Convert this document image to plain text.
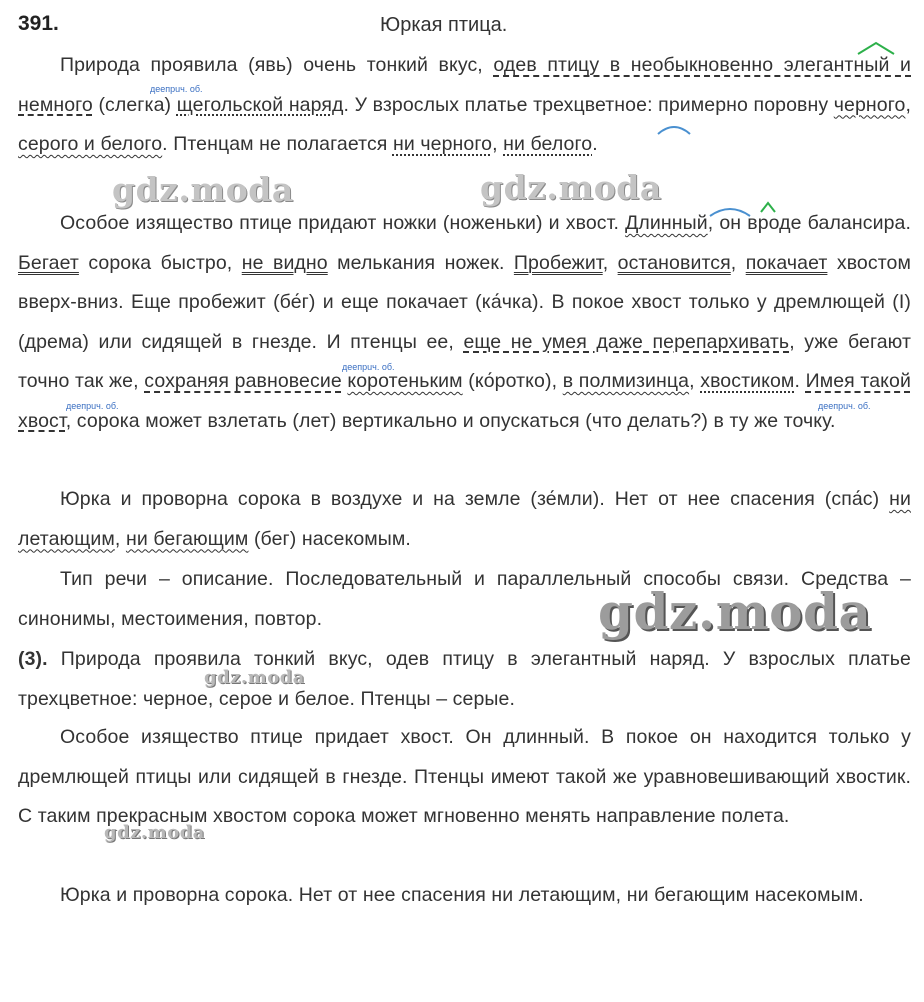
391.	Юркая птица.

Природа проявила (явь) очень тонкий вкус, одев птицу в необыкновенно элегантный и немного (слегка) щегольской наряд. У взрослых платье трехцветное: примерно поровну черного, серого и белого. Птенцам не полагается ни черного, ни белого.

Особое изящество птице придают ножки (ноженьки) и хвост. Длинный, он вроде балансира. Бегает сорока быстро, не видно мелькания ножек. Пробежит, остановится, покачает хвостом вверх-вниз. Еще пробежит (бе́г) и еще покачает (ка́чка). В покое хвост только у дремлющей (I) (дрема) или сидящей в гнезде. И птенцы ее, еще не умея даже перепархивать, уже бегают точно так же, сохраняя равновесие коротеньким (ко́ротко), в полмизинца, хвостиком. Имея такой хвост, сорока может взлетать (лет) вертикально и опускаться (что делать?) в ту же точку.

Юрка и проворна сорока в воздухе и на земле (зе́мли). Нет от нее спасения (спа́с) ни летающим, ни бегающим (бег) насекомым.

Тип речи – описание. Последовательный и параллельный способы связи. Средства – синонимы, местоимения, повтор.

(3). Природа проявила тонкий вкус, одев птицу в элегантный наряд. У взрослых платье трехцветное: черное, серое и белое. Птенцы – серые.

Особое изящество птице придает хвост. Он длинный. В покое он находится только у дремлющей птицы или сидящей в гнезде. Птенцы имеют такой же уравновешивающий хвостик. С таким прекрасным хвостом сорока может мгновенно менять направление полета.

Юрка и проворна сорока. Нет от нее спасения ни летающим, ни бегающим насекомым.

деепрuч. об.
деепрuч. об.
деепрuч. об.	деепрuч. об.
gdz.moda	gdz.moda
gdz.moda
gdz.moda
gdz.moda
